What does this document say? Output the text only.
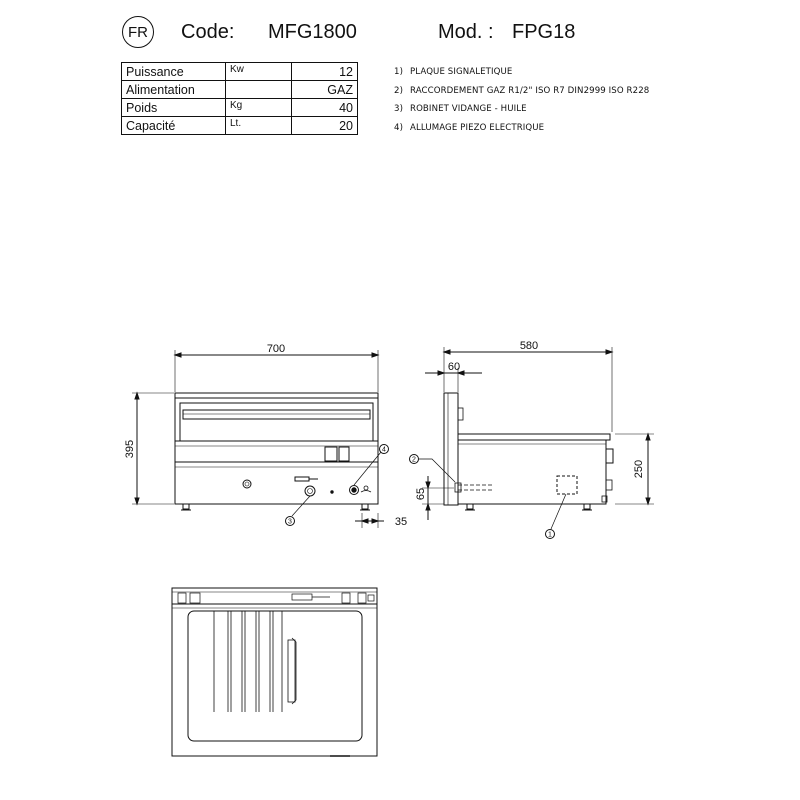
FR Code: MFG1800	Mod. : FPG18
Puissance	Kw	12
Alimentation		GAZ
Poids	Kg	40
Capacité	Lt.	20
1) PLAQUE SIGNALETIQUE
2) RACCORDEMENT GAZ R1/2" ISO R7 DIN2999 ISO R228
3) ROBINET VIDANGE - HUILE
4) ALLUMAGE PIEZO ELECTRIQUE
700
395
580
60
250
65
35
1
2
3
4
